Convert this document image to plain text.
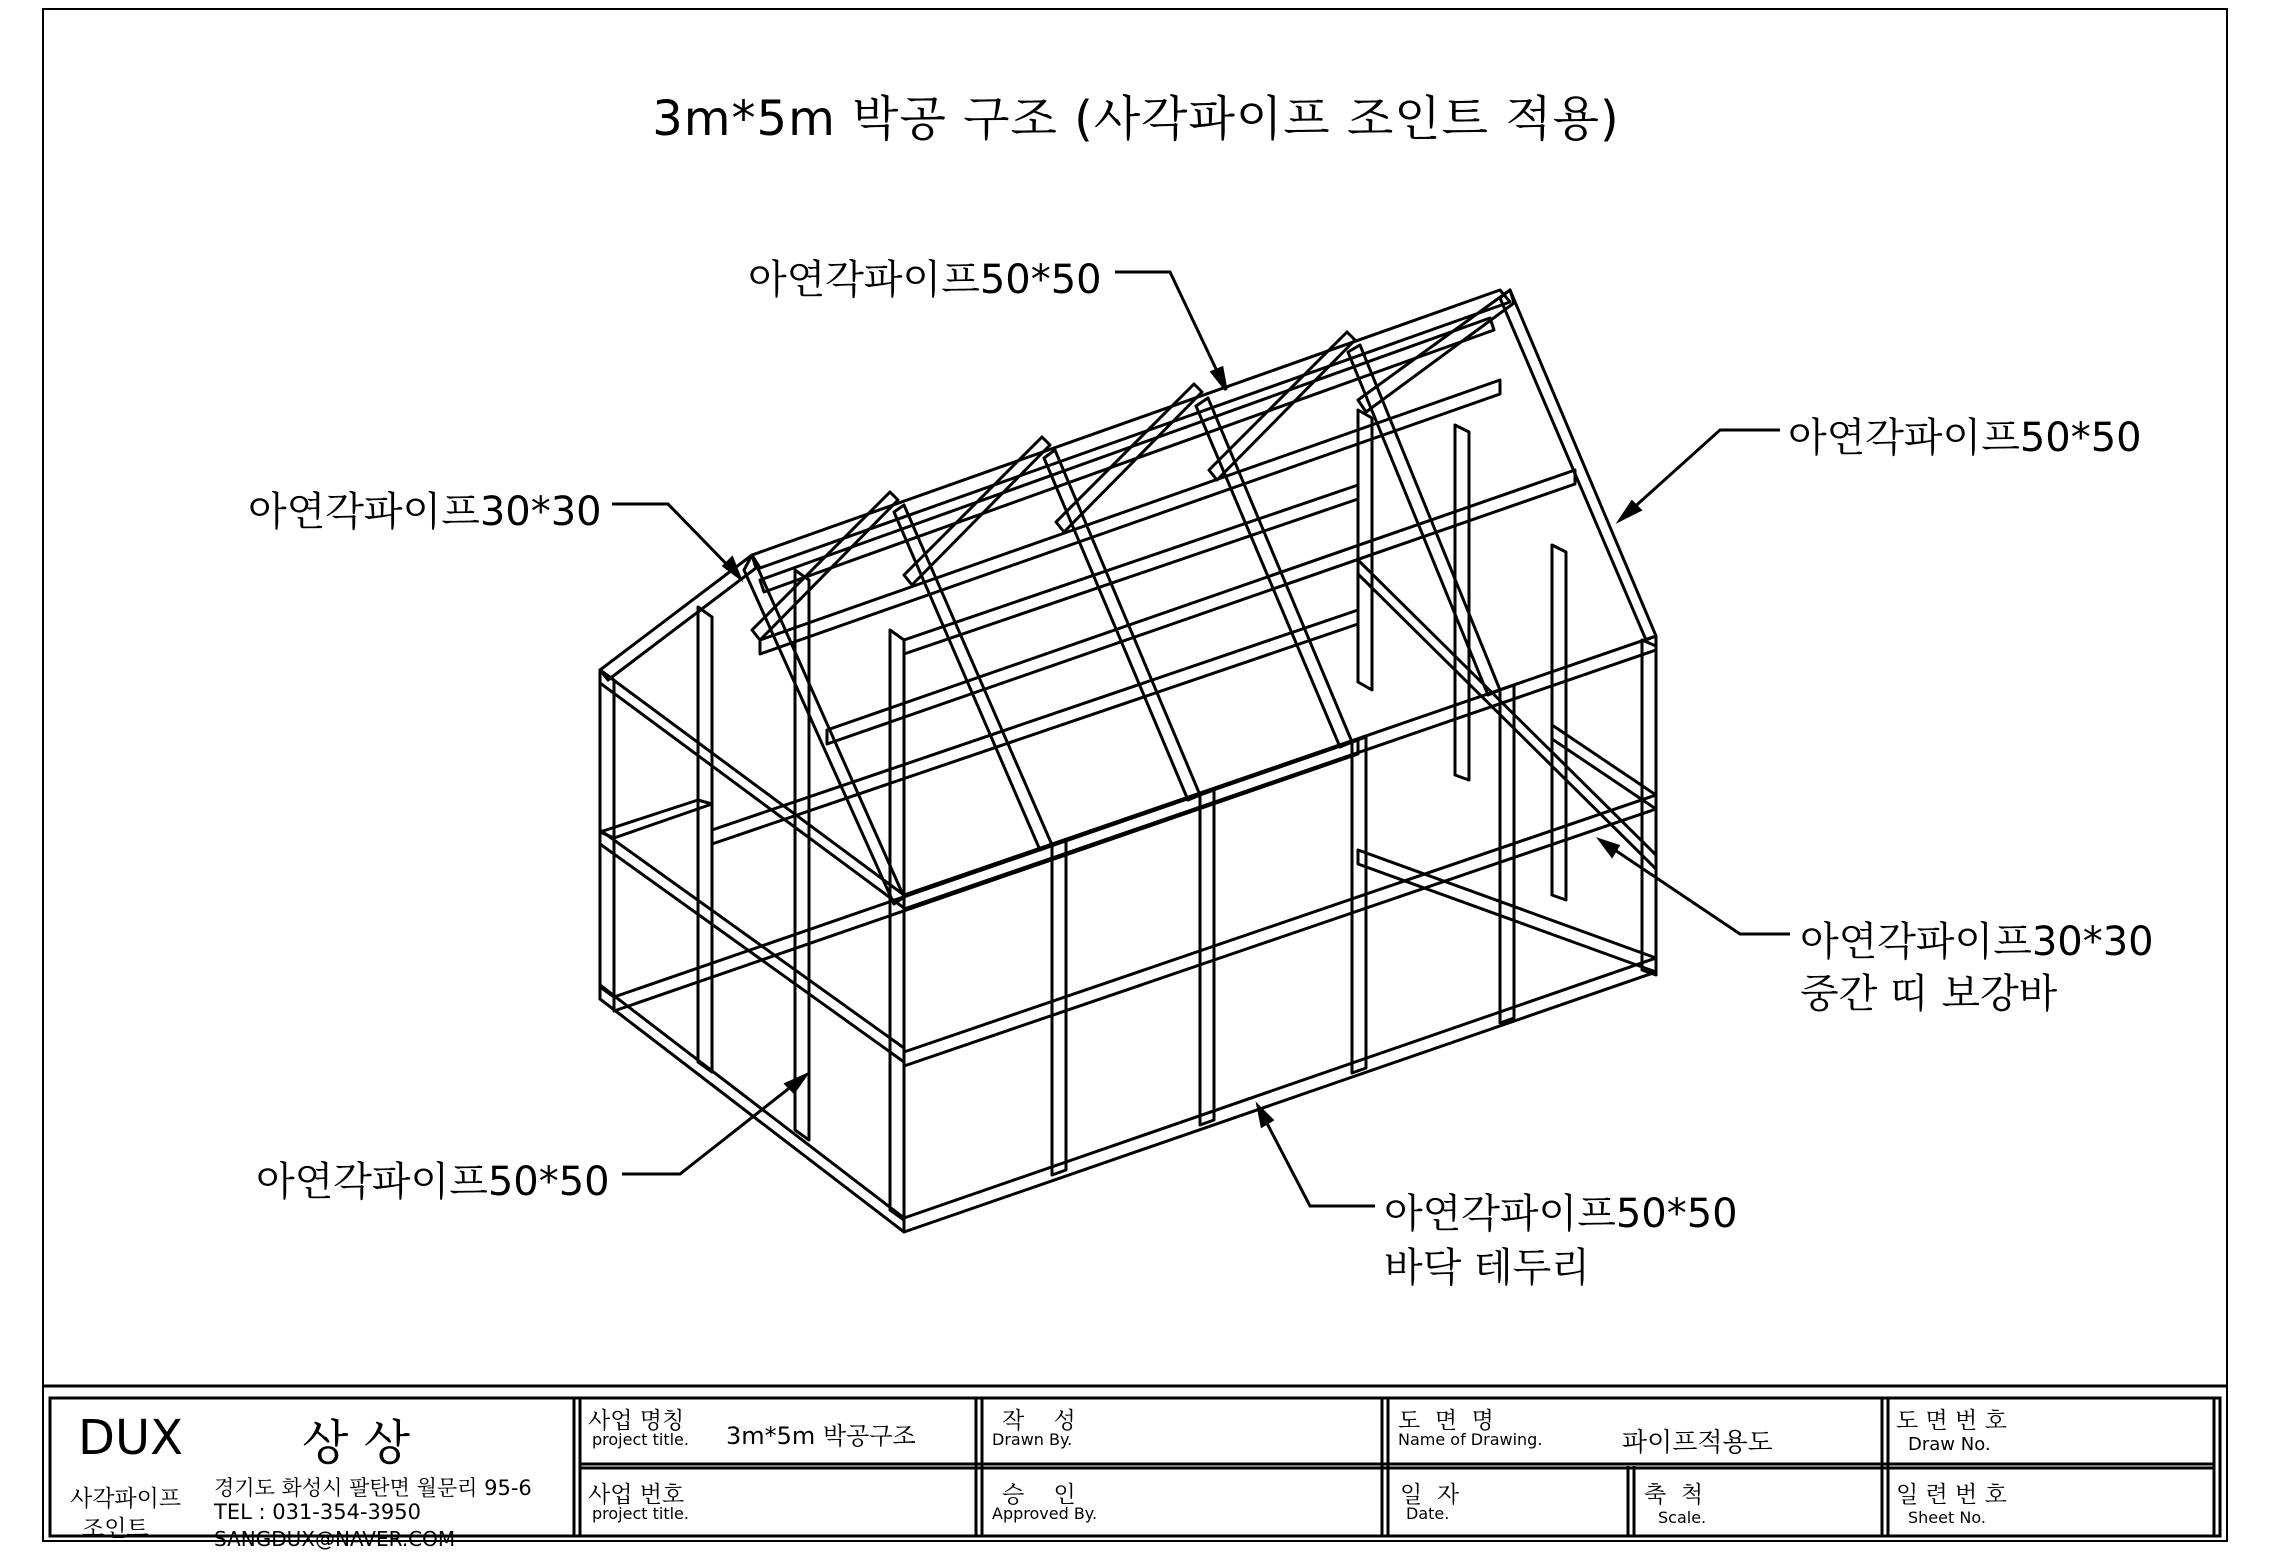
3m*5m 박공 구조 (사각파이프 조인트 적용)
아연각파이프50*50
아연각파이프50*50
아연각파이프30*30
아연각파이프30*30
중간 띠 보강바
아연각파이프50*50
아연각파이프50*50
바닥 테두리
DUX 상 상
사각파이프
조인트
경기도 화성시 팔탄면 월문리 95-6
TEL : 031-354-3950
SANGDUX@NAVER.COM
사업 명칭
project title. 3m*5m 박공구조
사업 번호
project title.
작    성
Drawn By.
승    인
Approved By.
도  면  명
Name of Drawing.	파이프적용도
일  자
Date.
축  척
Scale.
도 면 번 호
Draw No.
일 련 번 호
Sheet No.
